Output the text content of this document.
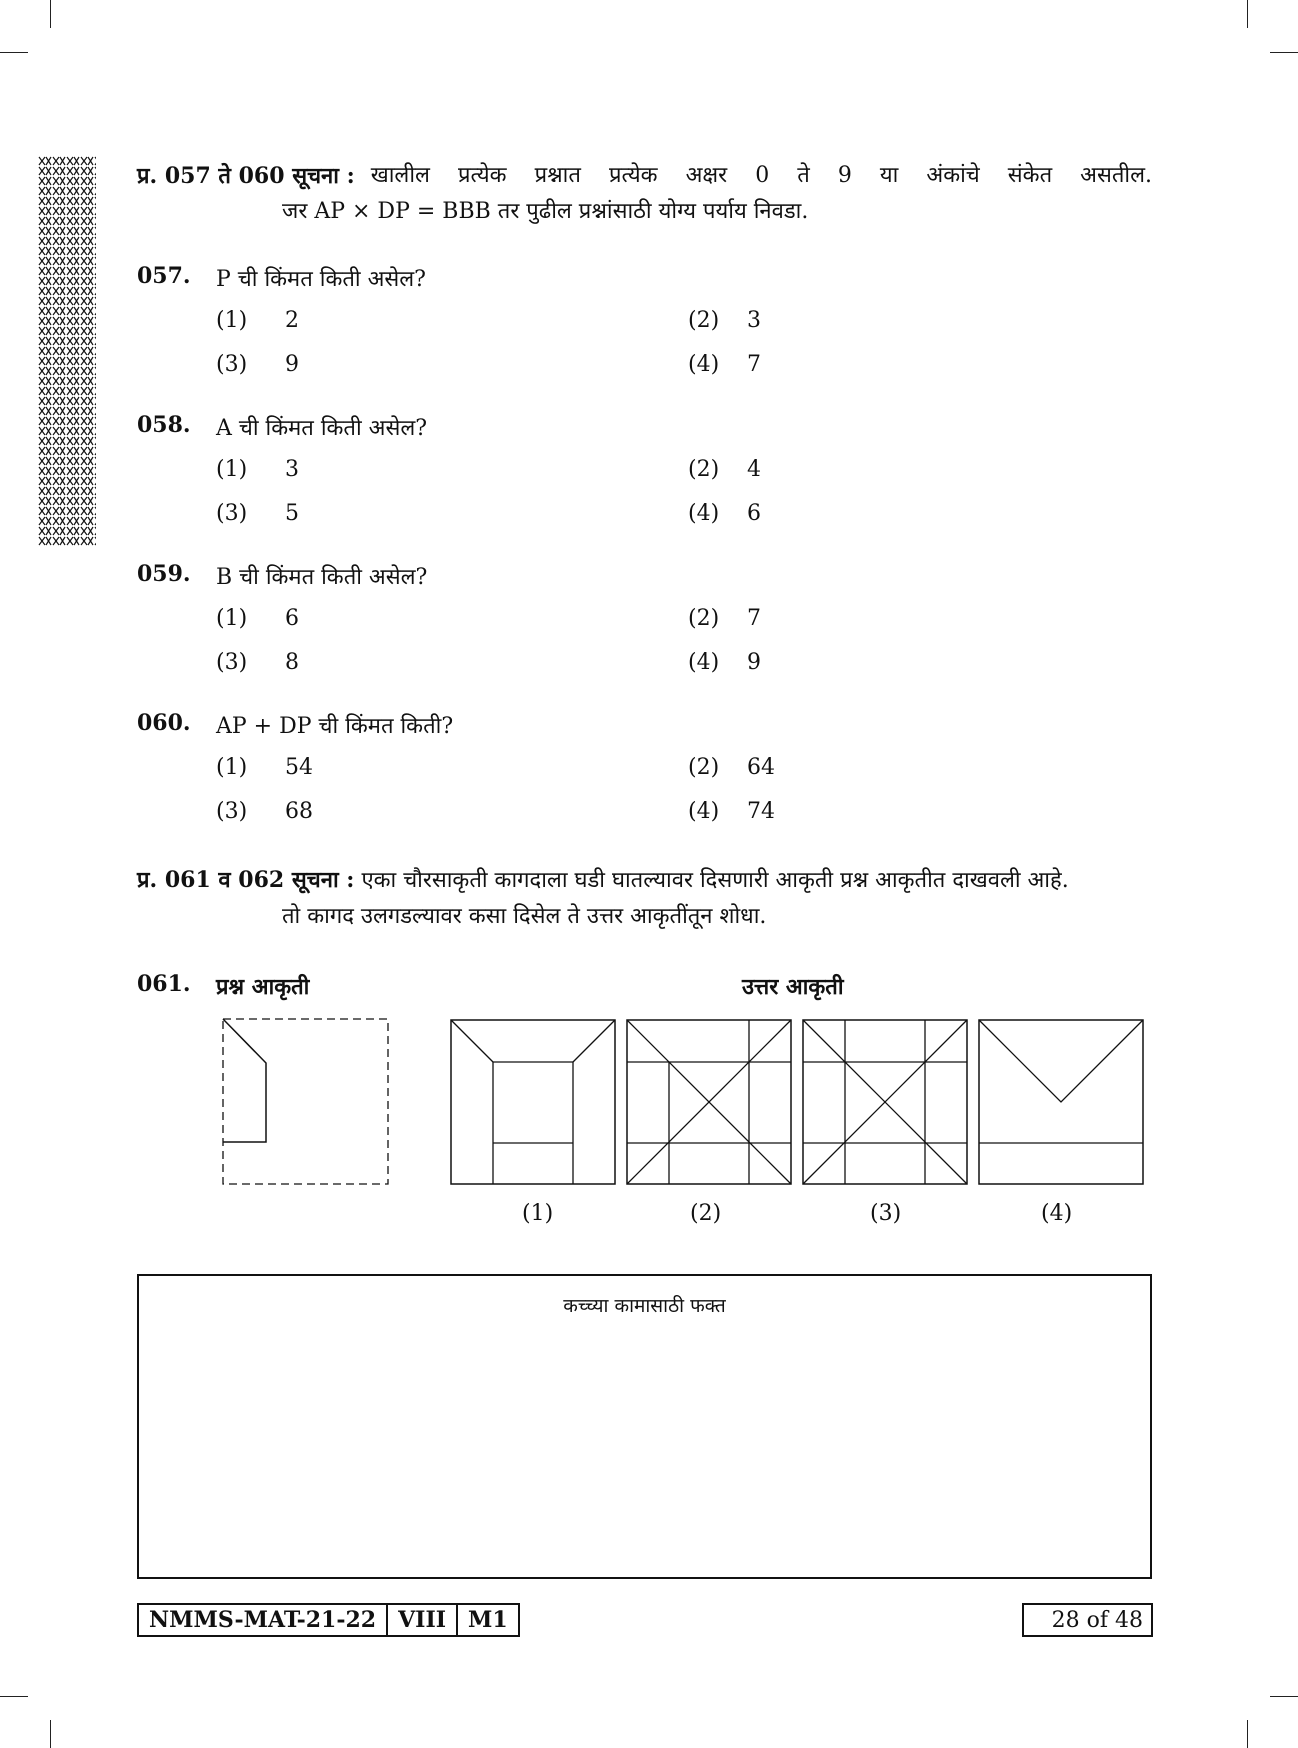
प्र. 057 ते 060 सूचना : खालील प्रत्येक प्रश्नात प्रत्येक अक्षर 0 ते 9 या अंकांचे संकेत असतील.
जर AP × DP = BBB तर पुढील प्रश्नांसाठी योग्य पर्याय निवडा.
057. P ची किंमत किती असेल?
(1) 2	(2) 3
(3) 9	(4) 7
058. A ची किंमत किती असेल?
(1) 3	(2) 4
(3) 5	(4) 6
059. B ची किंमत किती असेल?
(1) 6	(2) 7
(3) 8	(4) 9
060. AP + DP ची किंमत किती?
(1) 54	(2) 64
(3) 68	(4) 74
प्र. 061 व 062 सूचना : एका चौरसाकृती कागदाला घडी घातल्यावर दिसणारी आकृती प्रश्न आकृतीत दाखवली आहे.
तो कागद उलगडल्यावर कसा दिसेल ते उत्तर आकृतींतून शोधा.
061. प्रश्न आकृती	उत्तर आकृती
(1)	(2)	(3)	(4)
कच्च्या कामासाठी फक्त
NMMS-MAT-21-22	VIII	M1	28 of 48
